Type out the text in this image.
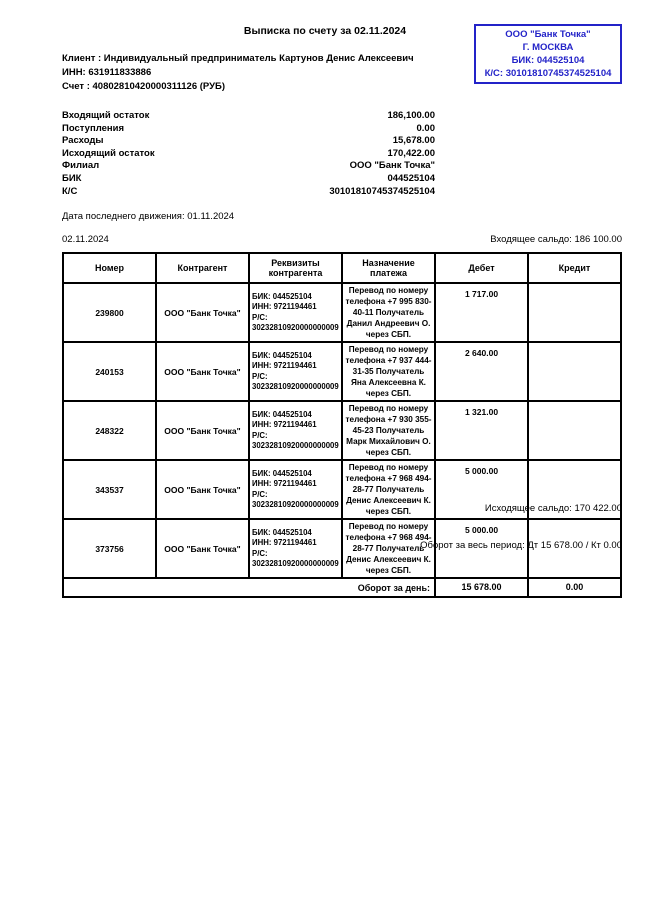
Выписка по счету за 02.11.2024	ООО "Банк Точка"
Г. МОСКВА
БИК: 044525104
К/С: 30101810745374525104
Клиент : Индивидуальный предприниматель Картунов Денис Алексеевич
ИНН: 631911833886
Счет : 40802810420000311126 (РУБ)
Входящий остаток	186,100.00
Поступления	0.00
Расходы	15,678.00
Исходящий остаток	170,422.00
Филиал	ООО "Банк Точка"
БИК	044525104
К/С	30101810745374525104
Дата последнего движения: 01.11.2024
02.11.2024	Входящее сальдо: 186 100.00
Номер	Контрагент	Реквизиты контрагента	Назначение платежа	Дебет	Кредит
239800	ООО "Банк Точка"	БИК: 044525104
ИНН: 9721194461
Р/С: 30232810920000000009	Перевод по номеру телефона +7 995 830-40-11 Получатель Данил Андреевич О. через СБП.	1 717.00	
240153	ООО "Банк Точка"	БИК: 044525104
ИНН: 9721194461
Р/С: 30232810920000000009	Перевод по номеру телефона +7 937 444-31-35 Получатель Яна Алексеевна К. через СБП.	2 640.00	
248322	ООО "Банк Точка"	БИК: 044525104
ИНН: 9721194461
Р/С: 30232810920000000009	Перевод по номеру телефона +7 930 355-45-23 Получатель Марк Михайлович О. через СБП.	1 321.00	
343537	ООО "Банк Точка"	БИК: 044525104
ИНН: 9721194461
Р/С: 30232810920000000009	Перевод по номеру телефона +7 968 494-28-77 Получатель Денис Алексеевич К. через СБП.	5 000.00	
373756	ООО "Банк Точка"	БИК: 044525104
ИНН: 9721194461
Р/С: 30232810920000000009	Перевод по номеру телефона +7 968 494-28-77 Получатель Денис Алексеевич К. через СБП.	5 000.00	
Оборот за день:				15 678.00	0.00
Исходящее сальдо: 170 422.00
Оборот за весь период: Дт 15 678.00 / Кт 0.00
